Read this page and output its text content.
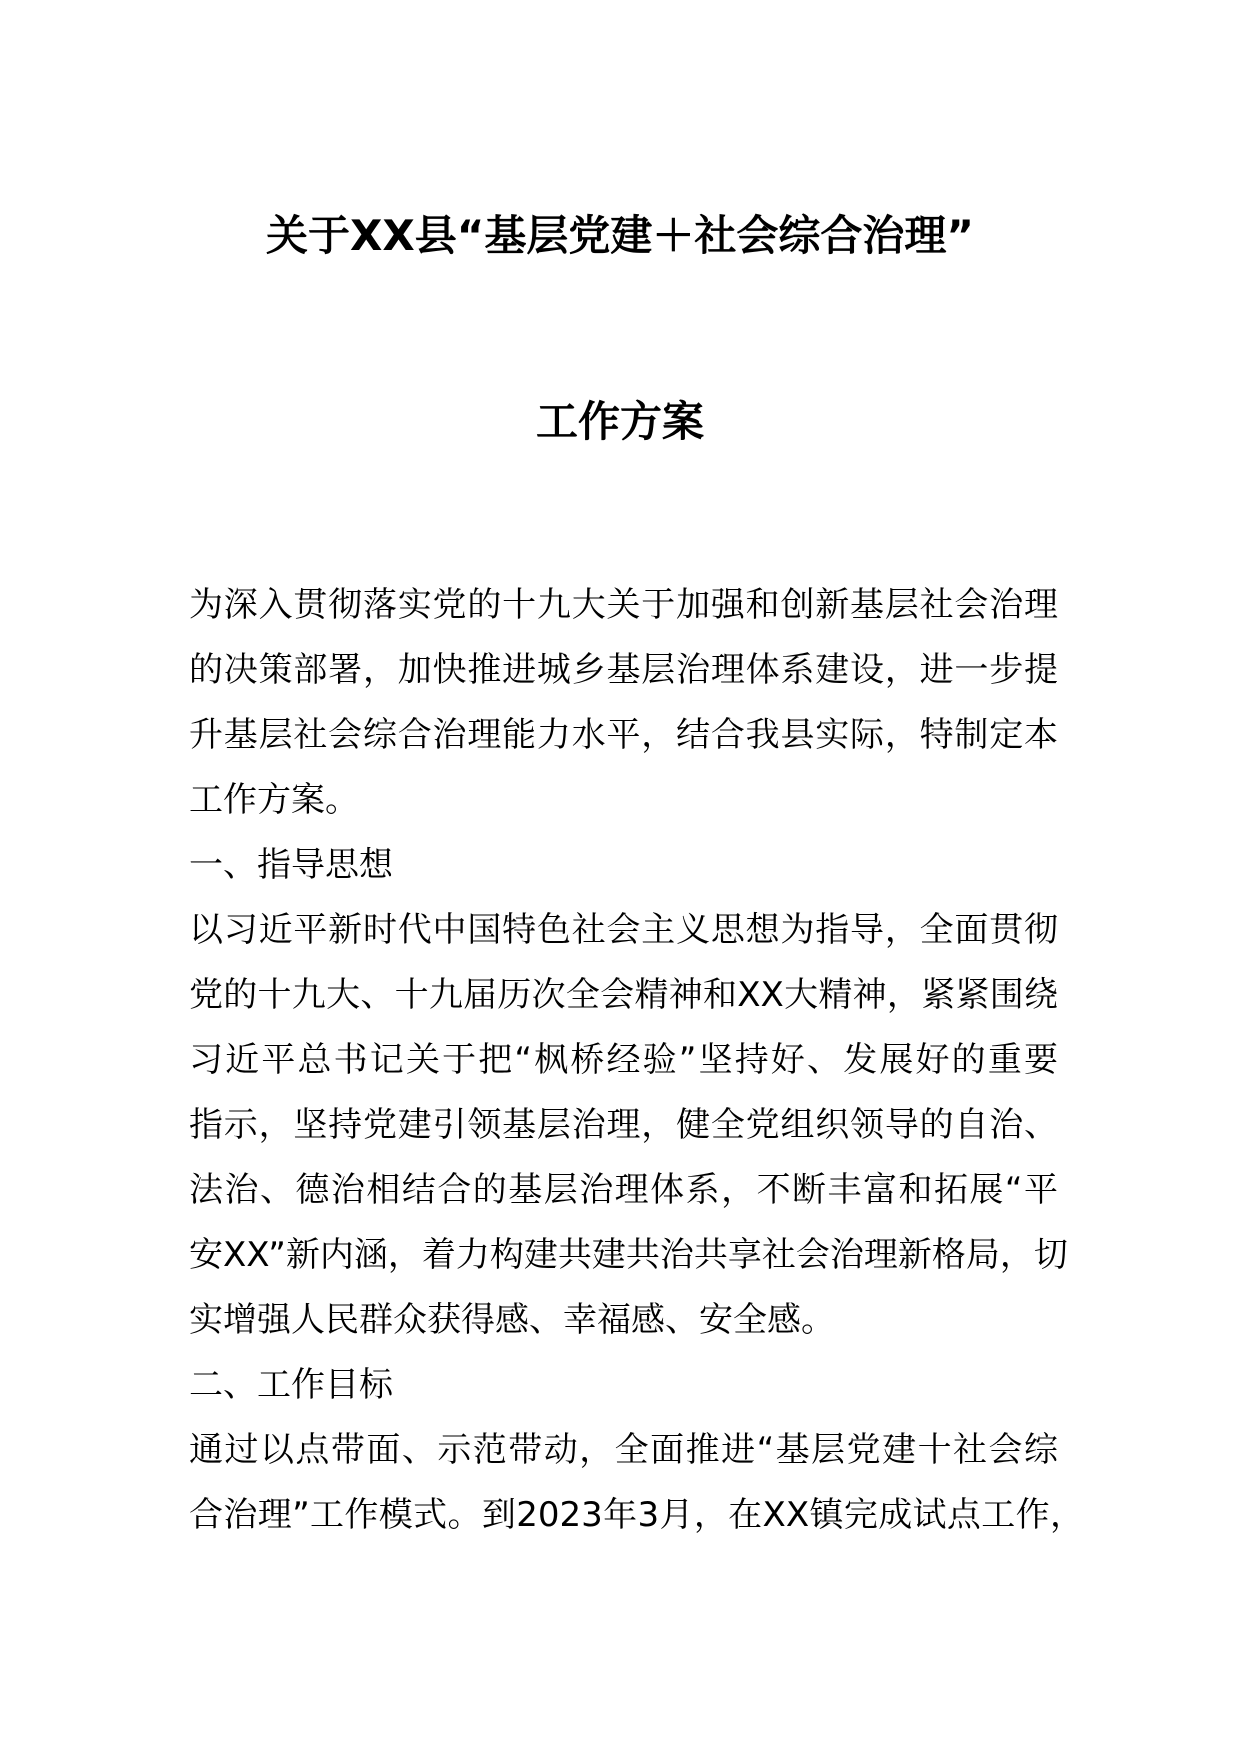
关于XX县“基层党建＋社会综合治理”
工作方案
为深入贯彻落实党的十九大关于加强和创新基层社会治理
的决策部署，加快推进城乡基层治理体系建设，进一步提
升基层社会综合治理能力水平，结合我县实际，特制定本
工作方案。
一、指导思想
以习近平新时代中国特色社会主义思想为指导，全面贯彻
党的十九大、十九届历次全会精神和XX大精神，紧紧围绕
习近平总书记关于把“枫桥经验”坚持好、发展好的重要
指示，坚持党建引领基层治理，健全党组织领导的自治、
法治、德治相结合的基层治理体系，不断丰富和拓展“平
安XX”新内涵，着力构建共建共治共享社会治理新格局，切
实增强人民群众获得感、幸福感、安全感。
二、工作目标
通过以点带面、示范带动，全面推进“基层党建十社会综
合治理”工作模式。到2023年3月，在XX镇完成试点工作，
